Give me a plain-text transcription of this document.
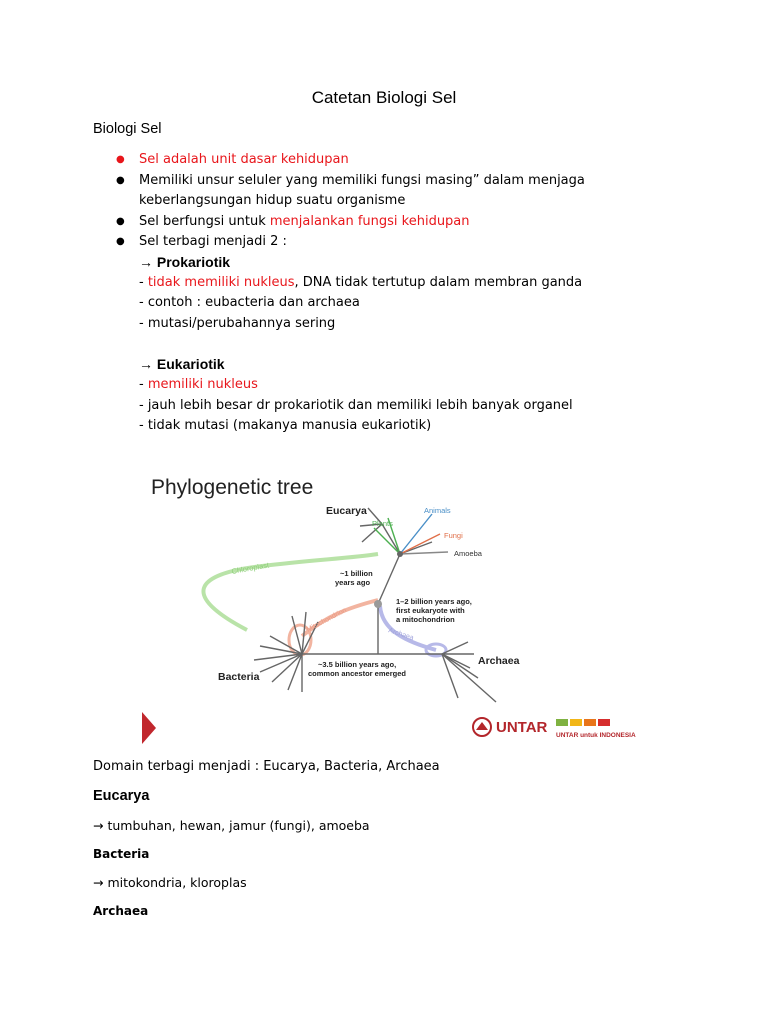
Catetan Biologi Sel
Biologi Sel
● Sel adalah unit dasar kehidupan
● Memiliki unsur seluler yang memiliki fungsi masing” dalam menjaga
keberlangsungan hidup suatu organisme
● Sel berfungsi untuk menjalankan fungsi kehidupan
● Sel terbagi menjadi 2 :
→ Prokariotik
- tidak memiliki nukleus, DNA tidak tertutup dalam membran ganda
- contoh : eubacteria dan archaea
- mutasi/perubahannya sering
→ Eukariotik
- memiliki nukleus
- jauh lebih besar dr prokariotik dan memiliki lebih banyak organel
- tidak mutasi (makanya manusia eukariotik)
Phylogenetic tree
Eucarya
Plants
Animals
Fungi
Amoeba
Chloroplast	~1 billion
years ago
1–2 billion years ago,
first eukaryote with
a mitochondrion
Mitochondrion
Archaea
Archaea
Bacteria
~3.5 billion years ago,
common ancestor emerged
UNTAR UNTAR untuk INDONESIA
Domain terbagi menjadi : Eucarya, Bacteria, Archaea
Eucarya
→ tumbuhan, hewan, jamur (fungi), amoeba
Bacteria
→ mitokondria, kloroplas
Archaea
